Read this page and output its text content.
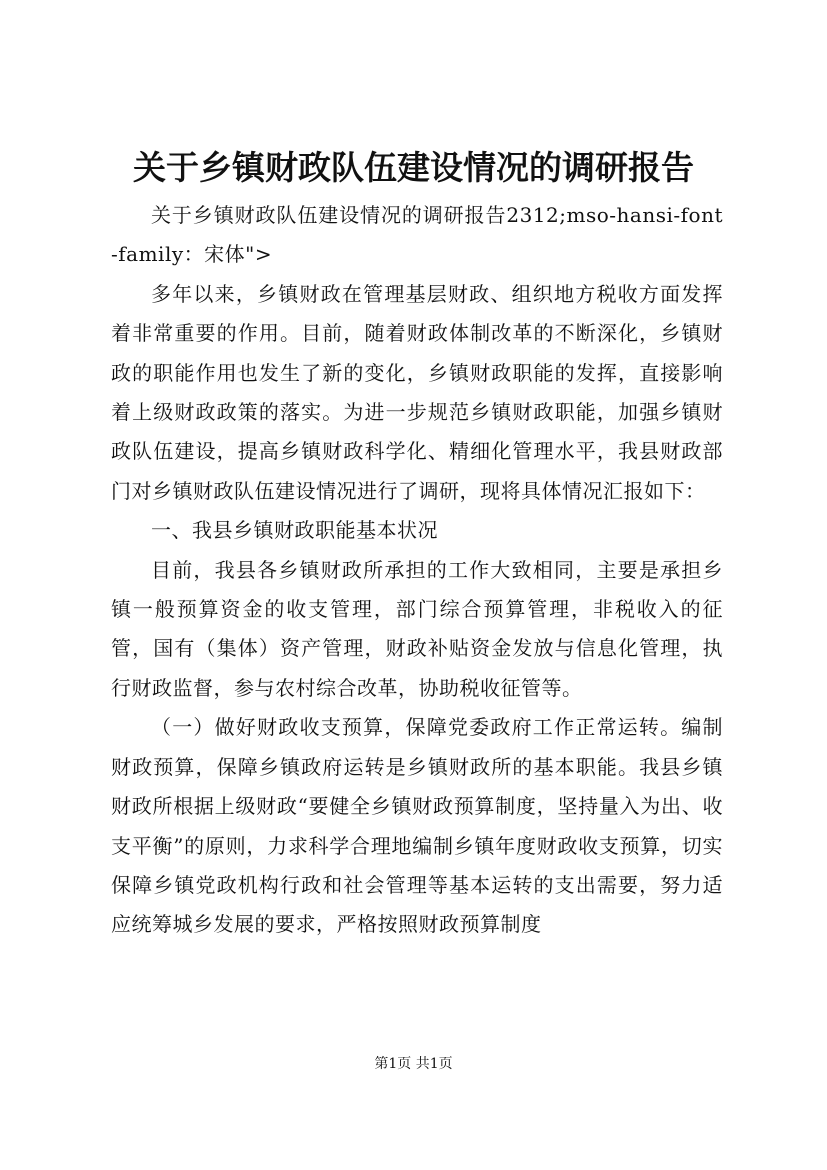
关于乡镇财政队伍建设情况的调研报告

关于乡镇财政队伍建设情况的调研报告2312;mso-hansi-font-family：宋体">

多年以来，乡镇财政在管理基层财政、组织地方税收方面发挥着非常重要的作用。目前，随着财政体制改革的不断深化，乡镇财政的职能作用也发生了新的变化，乡镇财政职能的发挥，直接影响着上级财政政策的落实。为进一步规范乡镇财政职能，加强乡镇财政队伍建设，提高乡镇财政科学化、精细化管理水平，我县财政部门对乡镇财政队伍建设情况进行了调研，现将具体情况汇报如下：

一、我县乡镇财政职能基本状况

目前，我县各乡镇财政所承担的工作大致相同，主要是承担乡镇一般预算资金的收支管理，部门综合预算管理，非税收入的征管，国有（集体）资产管理，财政补贴资金发放与信息化管理，执行财政监督，参与农村综合改革，协助税收征管等。

（一）做好财政收支预算，保障党委政府工作正常运转。编制财政预算，保障乡镇政府运转是乡镇财政所的基本职能。我县乡镇财政所根据上级财政“要健全乡镇财政预算制度，坚持量入为出、收支平衡”的原则，力求科学合理地编制乡镇年度财政收支预算，切实保障乡镇党政机构行政和社会管理等基本运转的支出需要，努力适应统筹城乡发展的要求，严格按照财政预算制度

第1页 共1页
